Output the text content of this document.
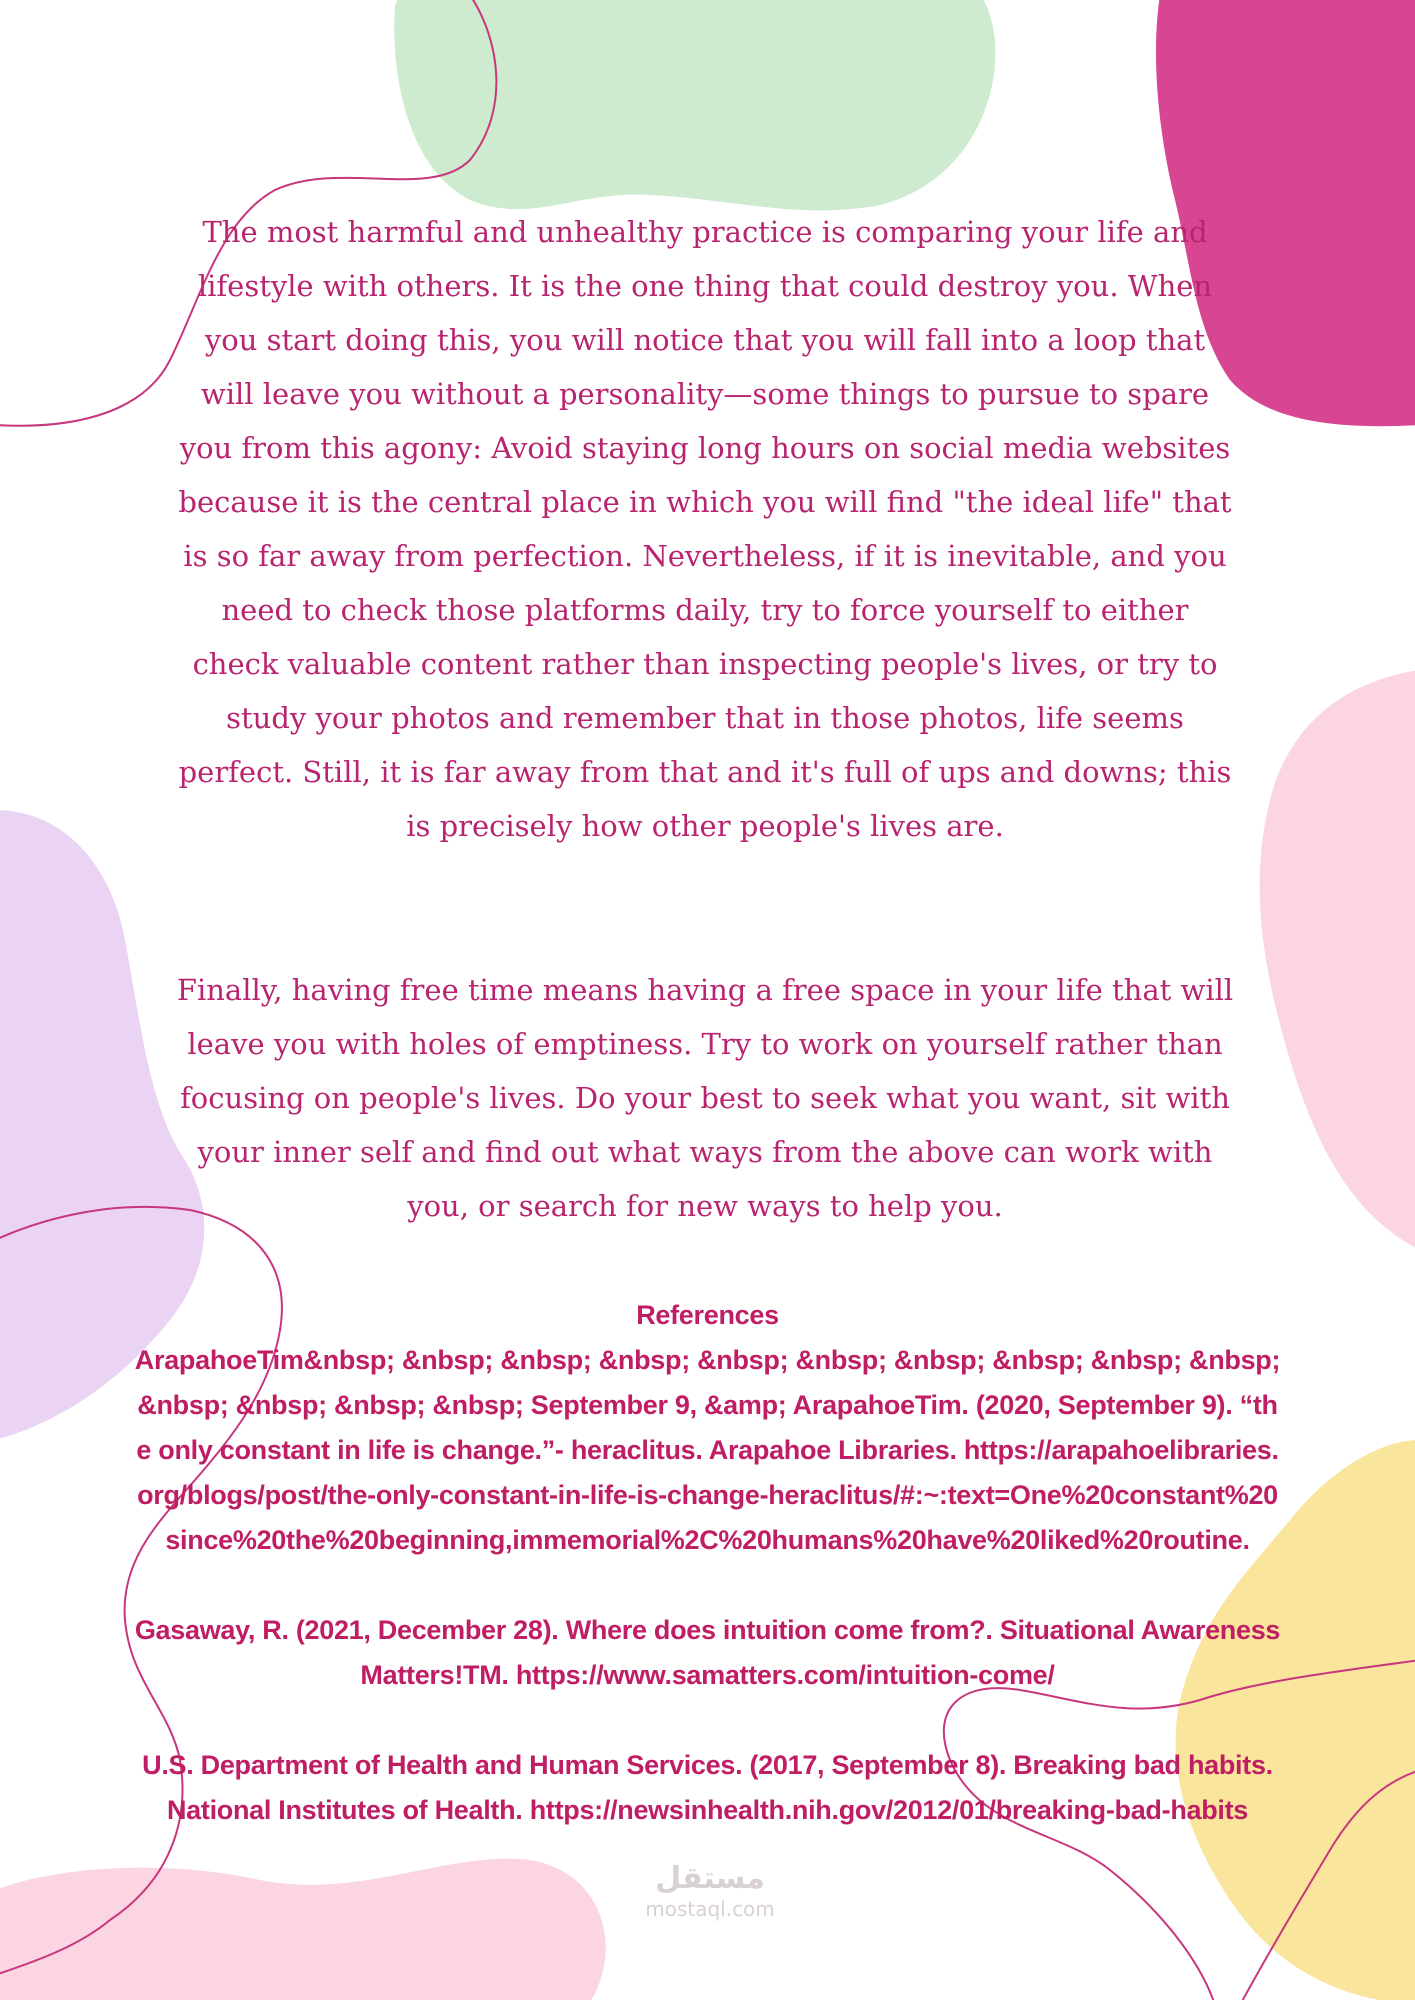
The most harmful and unhealthy practice is comparing your life and lifestyle with others. It is the one thing that could destroy you. When you start doing this, you will notice that you will fall into a loop that will leave you without a personality—some things to pursue to spare you from this agony: Avoid staying long hours on social media websites because it is the central place in which you will find "the ideal life" that is so far away from perfection. Nevertheless, if it is inevitable, and you need to check those platforms daily, try to force yourself to either check valuable content rather than inspecting people's lives, or try to study your photos and remember that in those photos, life seems perfect. Still, it is far away from that and it's full of ups and downs; this is precisely how other people's lives are.

Finally, having free time means having a free space in your life that will leave you with holes of emptiness. Try to work on yourself rather than focusing on people's lives. Do your best to seek what you want, sit with your inner self and find out what ways from the above can work with you, or search for new ways to help you.

References
ArapahoeTim&nbsp; &nbsp; &nbsp; &nbsp; &nbsp; &nbsp; &nbsp; &nbsp; &nbsp; &nbsp; &nbsp; &nbsp; &nbsp; &nbsp; September 9, &amp; ArapahoeTim. (2020, September 9). “the only constant in life is change.”- heraclitus. Arapahoe Libraries. https://arapahoelibraries.org/blogs/post/the-only-constant-in-life-is-change-heraclitus/#:~:text=One%20constant%20since%20the%20beginning,immemorial%2C%20humans%20have%20liked%20routine.
Gasaway, R. (2021, December 28). Where does intuition come from?. Situational Awareness Matters!TM. https://www.samatters.com/intuition-come/
U.S. Department of Health and Human Services. (2017, September 8). Breaking bad habits. National Institutes of Health. https://newsinhealth.nih.gov/2012/01/breaking-bad-habits
مستقل
mostaql.com
